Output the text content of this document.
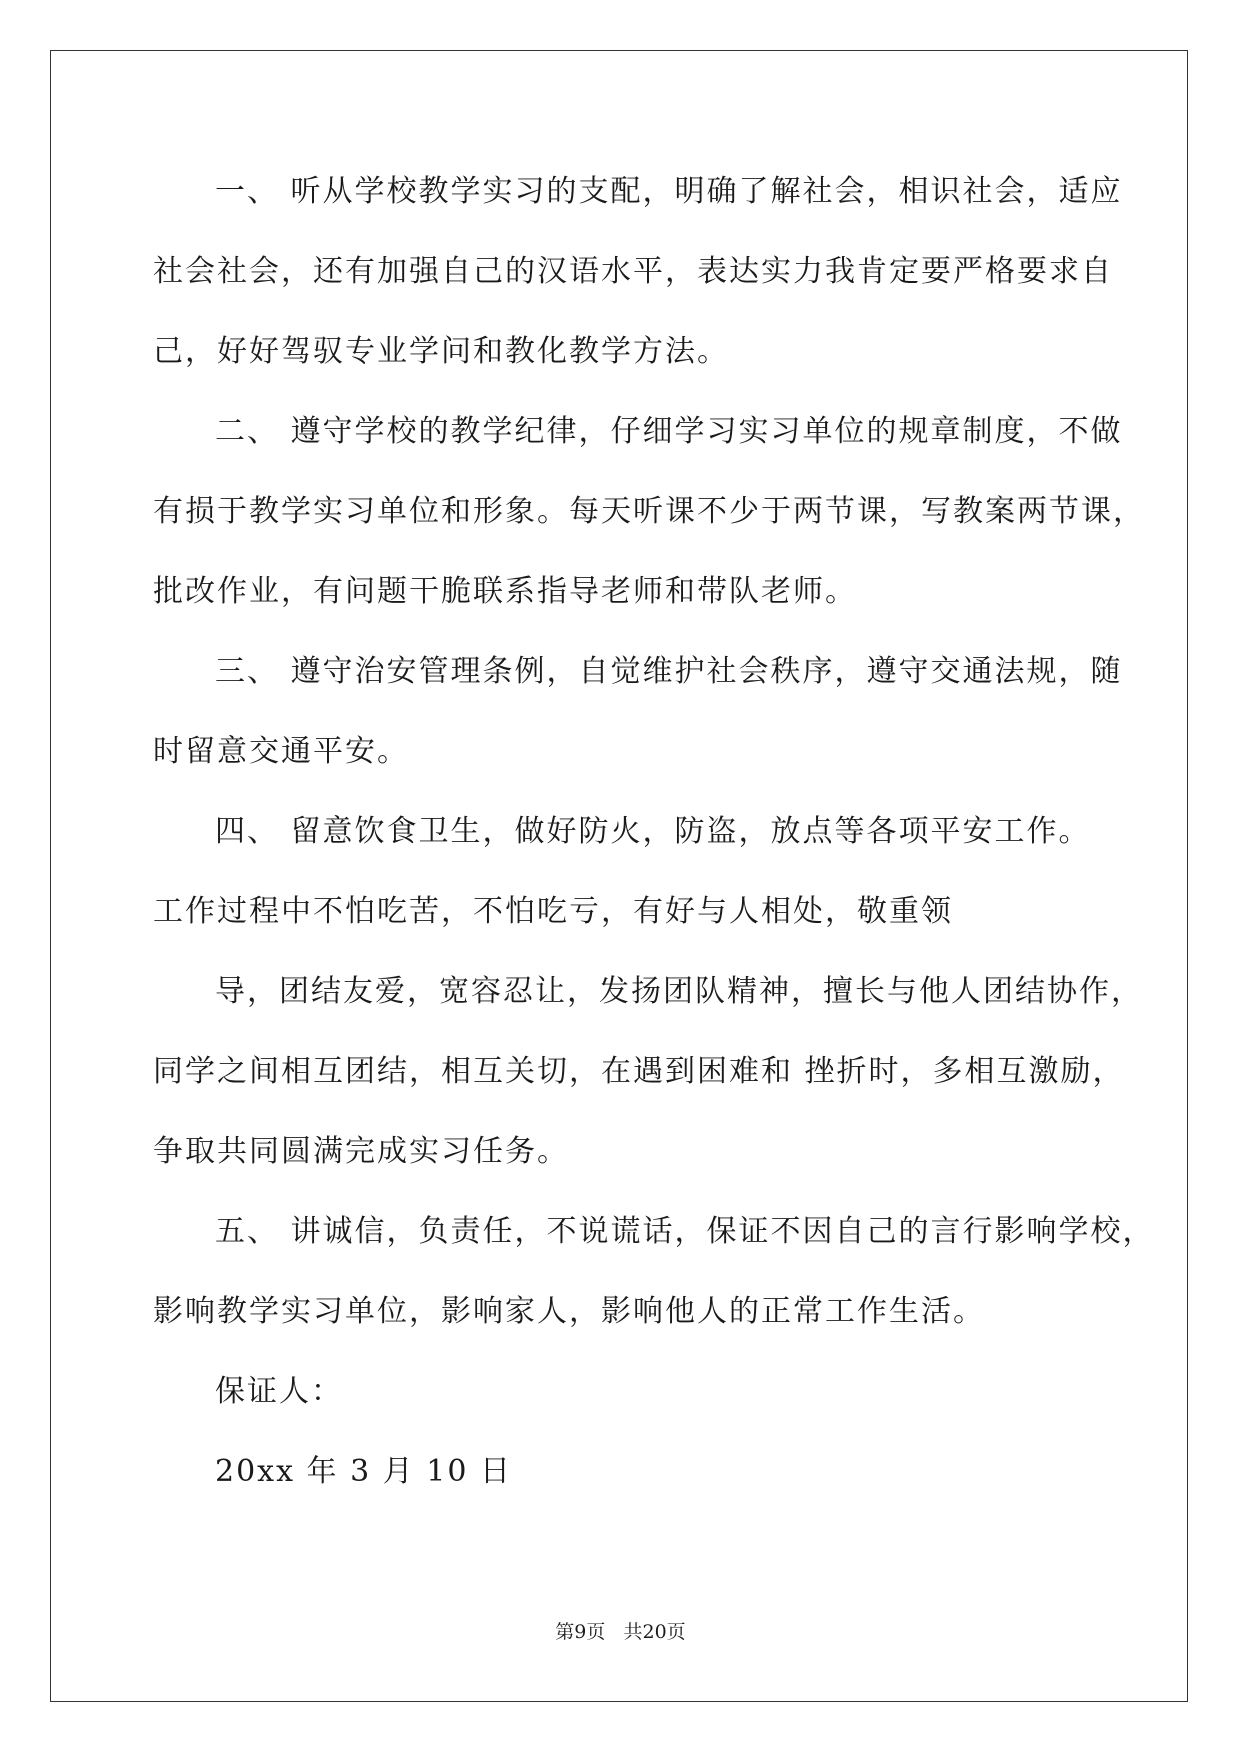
一、 听从学校教学实习的支配，明确了解社会，相识社会，适应
社会社会，还有加强自己的汉语水平，表达实力我肯定要严格要求自
己，好好驾驭专业学问和教化教学方法。
二、 遵守学校的教学纪律，仔细学习实习单位的规章制度，不做
有损于教学实习单位和形象。每天听课不少于两节课，写教案两节课，
批改作业，有问题干脆联系指导老师和带队老师。
三、 遵守治安管理条例，自觉维护社会秩序，遵守交通法规，随
时留意交通平安。
四、 留意饮食卫生，做好防火，防盗，放点等各项平安工作。
工作过程中不怕吃苦，不怕吃亏，有好与人相处，敬重领
导，团结友爱，宽容忍让，发扬团队精神，擅长与他人团结协作，
同学之间相互团结，相互关切，在遇到困难和 挫折时，多相互激励，
争取共同圆满完成实习任务。
五、 讲诚信，负责任，不说谎话，保证不因自己的言行影响学校，
影响教学实习单位，影响家人，影响他人的正常工作生活。
保证人：
20xx 年 3 月 10 日
第9页   共20页
